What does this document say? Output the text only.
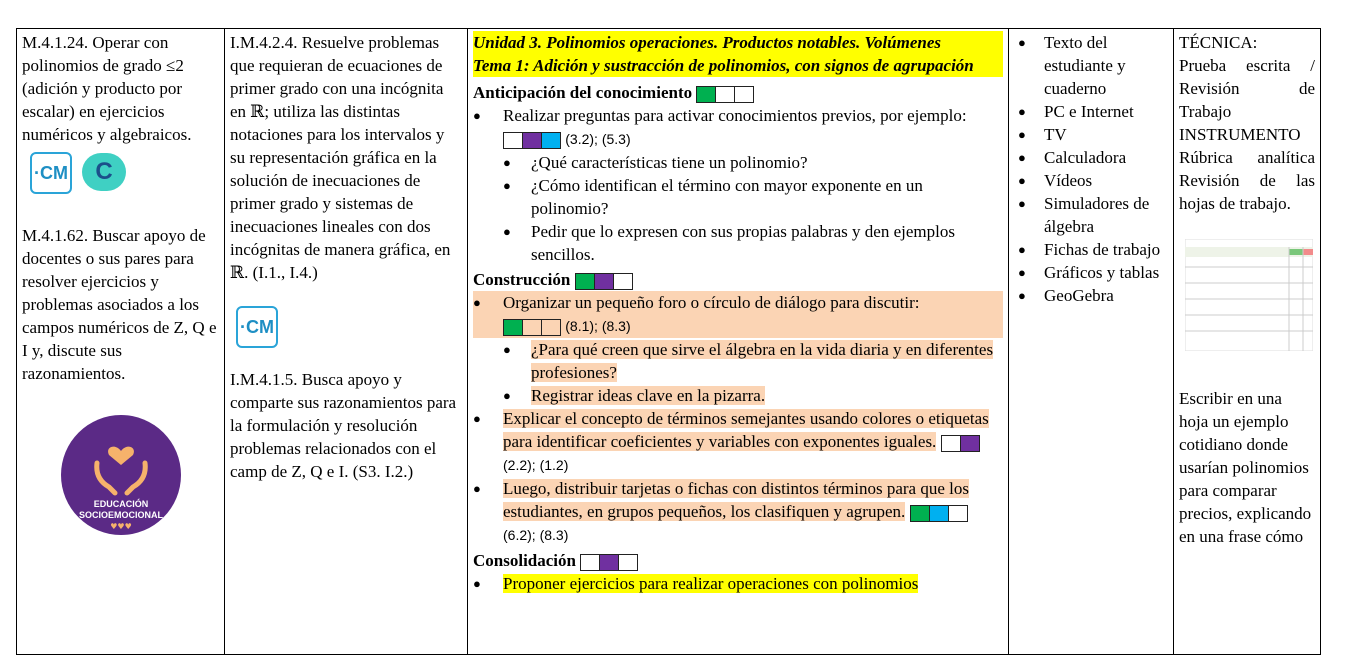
M.4.1.24. Operar con polinomios de grado ≤2 (adición y producto por escalar) en ejercicios numéricos y algebraicos.
·CM C
M.4.1.62. Buscar apoyo de docentes o sus pares para resolver ejercicios y problemas asociados a los campos numéricos de Z, Q e I y, discute sus razonamientos.
EDUCACIÓN
SOCIOEMOCIONAL
♥♥♥

I.M.4.2.4. Resuelve problemas que requieran de ecuaciones de primer grado con una incógnita en ℝ; utiliza las distintas notaciones para los intervalos y su representación gráfica en la solución de inecuaciones de primer grado y sistemas de inecuaciones lineales con dos incógnitas de manera gráfica, en ℝ. (I.1., I.4.)
·CM
I.M.4.1.5. Busca apoyo y comparte sus razonamientos para la formulación y resolución problemas relacionados con el camp de Z, Q e I. (S3. I.2.)

Unidad 3. Polinomios operaciones. Productos notables. Volúmenes
Tema 1: Adición y sustracción de polinomios, con signos de agrupación
Anticipación del conocimiento
● Realizar preguntas para activar conocimientos previos, por ejemplo:  (3.2); (5.3)
● ¿Qué características tiene un polinomio?
● ¿Cómo identifican el término con mayor exponente en un polinomio?
● Pedir que lo expresen con sus propias palabras y den ejemplos sencillos.
Construcción
● Organizar un pequeño foro o círculo de diálogo para discutir:
(8.1); (8.3)
● ¿Para qué creen que sirve el álgebra en la vida diaria y en diferentes profesiones?
● Registrar ideas clave en la pizarra.
● Explicar el concepto de términos semejantes usando colores o etiquetas para identificar coeficientes y variables con exponentes iguales.  (2.2); (1.2)
● Luego, distribuir tarjetas o fichas con distintos términos para que los estudiantes, en grupos pequeños, los clasifiquen y agrupen.  (6.2); (8.3)
Consolidación
● Proponer ejercicios para realizar operaciones con polinomios

● Texto del estudiante y cuaderno
● PC e Internet
● TV
● Calculadora
● Vídeos
● Simuladores de álgebra
● Fichas de trabajo
● Gráficos y tablas
● GeoGebra

TÉCNICA:
Prueba escrita / Revisión de Trabajo
INSTRUMENTO
Rúbrica analítica Revisión de las hojas de trabajo.
Escribir en una hoja un ejemplo cotidiano donde usarían polinomios para comparar precios, explicando en una frase cómo
